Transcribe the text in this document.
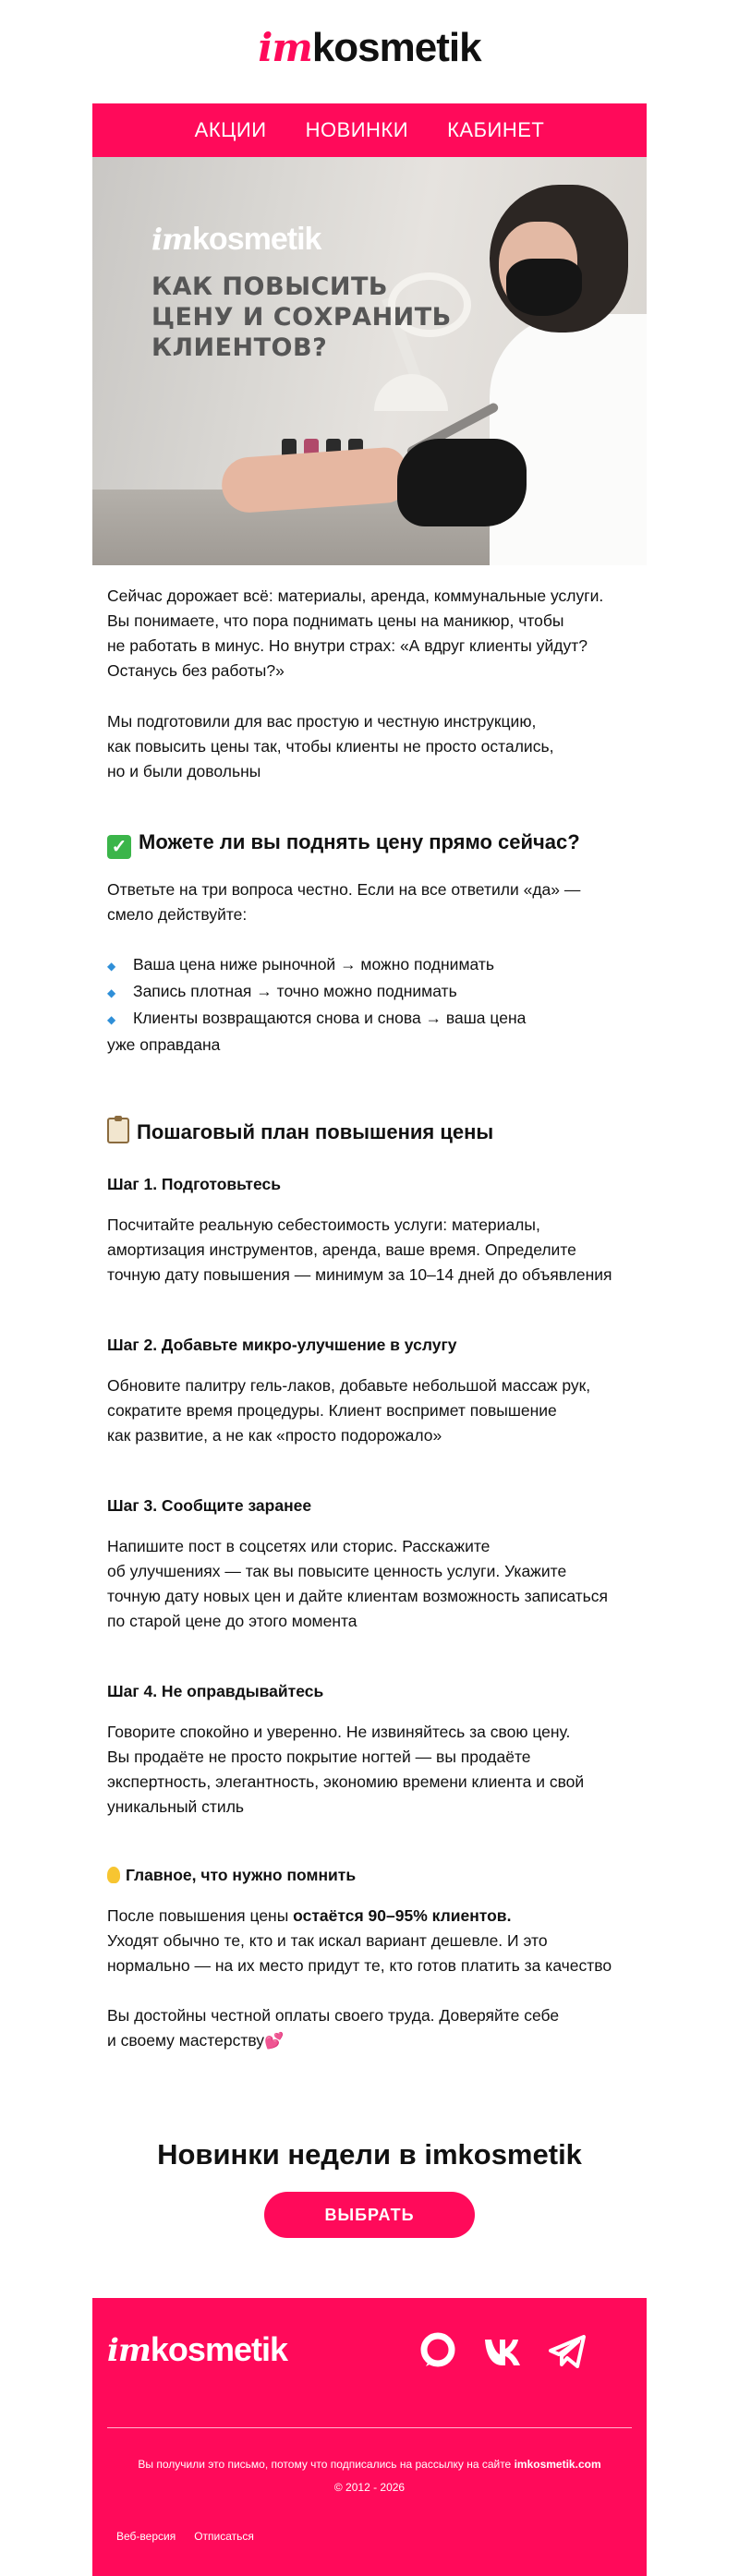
imkosmetik
АКЦИИ НОВИНКИ КАБИНЕТ
imkosmetik
КАК ПОВЫСИТЬ
ЦЕНУ И СОХРАНИТЬ
КЛИЕНТОВ?
Сейчас дорожает всё: материалы, аренда, коммунальные услуги.
Вы понимаете, что пора поднимать цены на маникюр, чтобы
не работать в минус. Но внутри страх: «А вдруг клиенты уйдут?
Останусь без работы?»
Мы подготовили для вас простую и честную инструкцию,
как повысить цены так, чтобы клиенты не просто остались,
но и были довольны
✓ Можете ли вы поднять цену прямо сейчас?
Ответьте на три вопроса честно. Если на все ответили «да» —
смело действуйте:
◆ Ваша цена ниже рыночной → можно поднимать
◆ Запись плотная → точно можно поднимать
◆ Клиенты возвращаются снова и снова → ваша цена
уже оправдана
Пошаговый план повышения цены
Шаг 1. Подготовьтесь
Посчитайте реальную себестоимость услуги: материалы,
амортизация инструментов, аренда, ваше время. Определите
точную дату повышения — минимум за 10–14 дней до объявления
Шаг 2. Добавьте микро-улучшение в услугу
Обновите палитру гель-лаков, добавьте небольшой массаж рук,
сократите время процедуры. Клиент воспримет повышение
как развитие, а не как «просто подорожало»
Шаг 3. Сообщите заранее
Напишите пост в соцсетях или сторис. Расскажите
об улучшениях — так вы повысите ценность услуги. Укажите
точную дату новых цен и дайте клиентам возможность записаться
по старой цене до этого момента
Шаг 4. Не оправдывайтесь
Говорите спокойно и уверенно. Не извиняйтесь за свою цену.
Вы продаёте не просто покрытие ногтей — вы продаёте
экспертность, элегантность, экономию времени клиента и свой
уникальный стиль
Главное, что нужно помнить
После повышения цены остаётся 90–95% клиентов.
Уходят обычно те, кто и так искал вариант дешевле. И это
нормально — на их место придут те, кто готов платить за качество
Вы достойны честной оплаты своего труда. Доверяйте себе
и своему мастерству💕
Новинки недели в imkosmetik
ВЫБРАТЬ
imkosmetik
Вы получили это письмо, потому что подписались на рассылку на сайте imkosmetik.com
© 2012 - 2026
Веб-версия Отписаться
